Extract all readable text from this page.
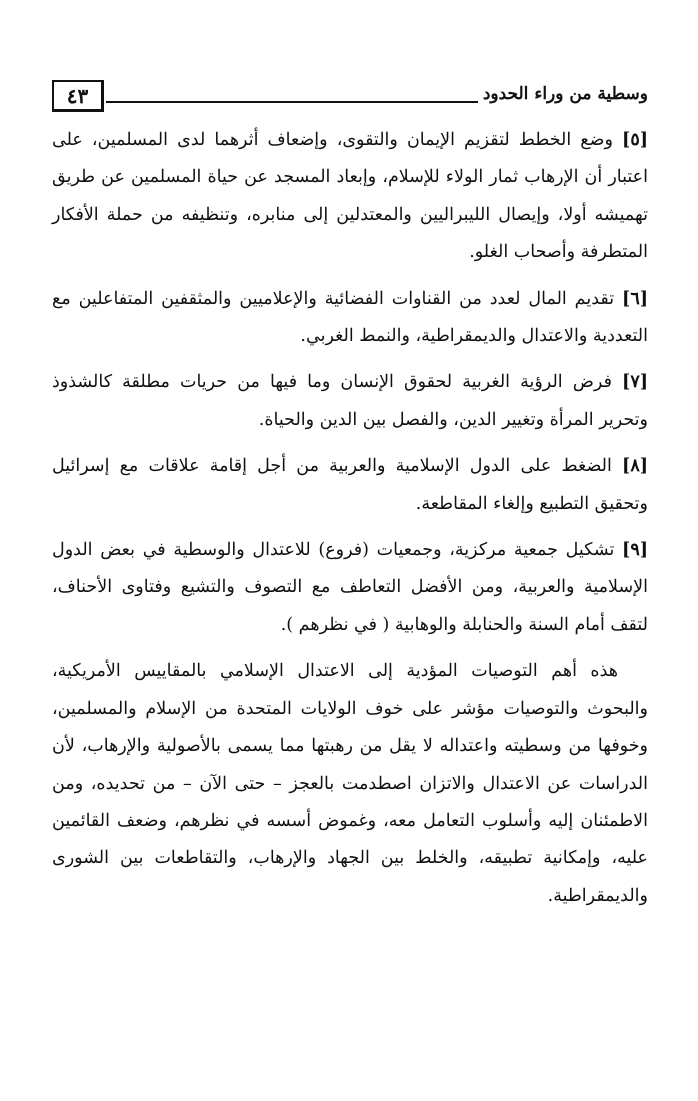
٤٣	وسطية من وراء الحدود

[٥] وضع الخطط لتقزيم الإيمان والتقوى، وإضعاف أثرهما لدى المسلمين، على اعتبار أن الإرهاب ثمار الولاء للإسلام، وإبعاد المسجد عن حياة المسلمين عن طريق تهميشه أولا، وإيصال الليبراليين والمعتدلين إلى منابره، وتنظيفه من حملة الأفكار المتطرفة وأصحاب الغلو.

[٦] تقديم المال لعدد من القناوات الفضائية والإعلاميين والمثقفين المتفاعلين مع التعددية والاعتدال والديمقراطية، والنمط الغربي.

[٧] فرض الرؤية الغربية لحقوق الإنسان وما فيها من حريات مطلقة كالشذوذ وتحرير المرأة وتغيير الدين، والفصل بين الدين والحياة.

[٨] الضغط على الدول الإسلامية والعربية من أجل إقامة علاقات مع إسرائيل وتحقيق التطبيع وإلغاء المقاطعة.

[٩] تشكيل جمعية مركزية، وجمعيات (فروع) للاعتدال والوسطية في بعض الدول الإسلامية والعربية، ومن الأفضل التعاطف مع التصوف والتشيع وفتاوى الأحناف، لتقف أمام السنة والحنابلة والوهابية ( في نظرهم ).

هذه أهم التوصيات المؤدية إلى الاعتدال الإسلامي بالمقاييس الأمريكية، والبحوث والتوصيات مؤشر على خوف الولايات المتحدة من الإسلام والمسلمين، وخوفها من وسطيته واعتداله لا يقل من رهبتها مما يسمى بالأصولية والإرهاب، لأن الدراسات عن الاعتدال والاتزان اصطدمت بالعجز – حتى الآن – من تحديده، ومن الاطمئنان إليه وأسلوب التعامل معه، وغموض أسسه في نظرهم، وضعف القائمين عليه، وإمكانية تطبيقه، والخلط بين الجهاد والإرهاب، والتقاطعات بين الشورى والديمقراطية.
